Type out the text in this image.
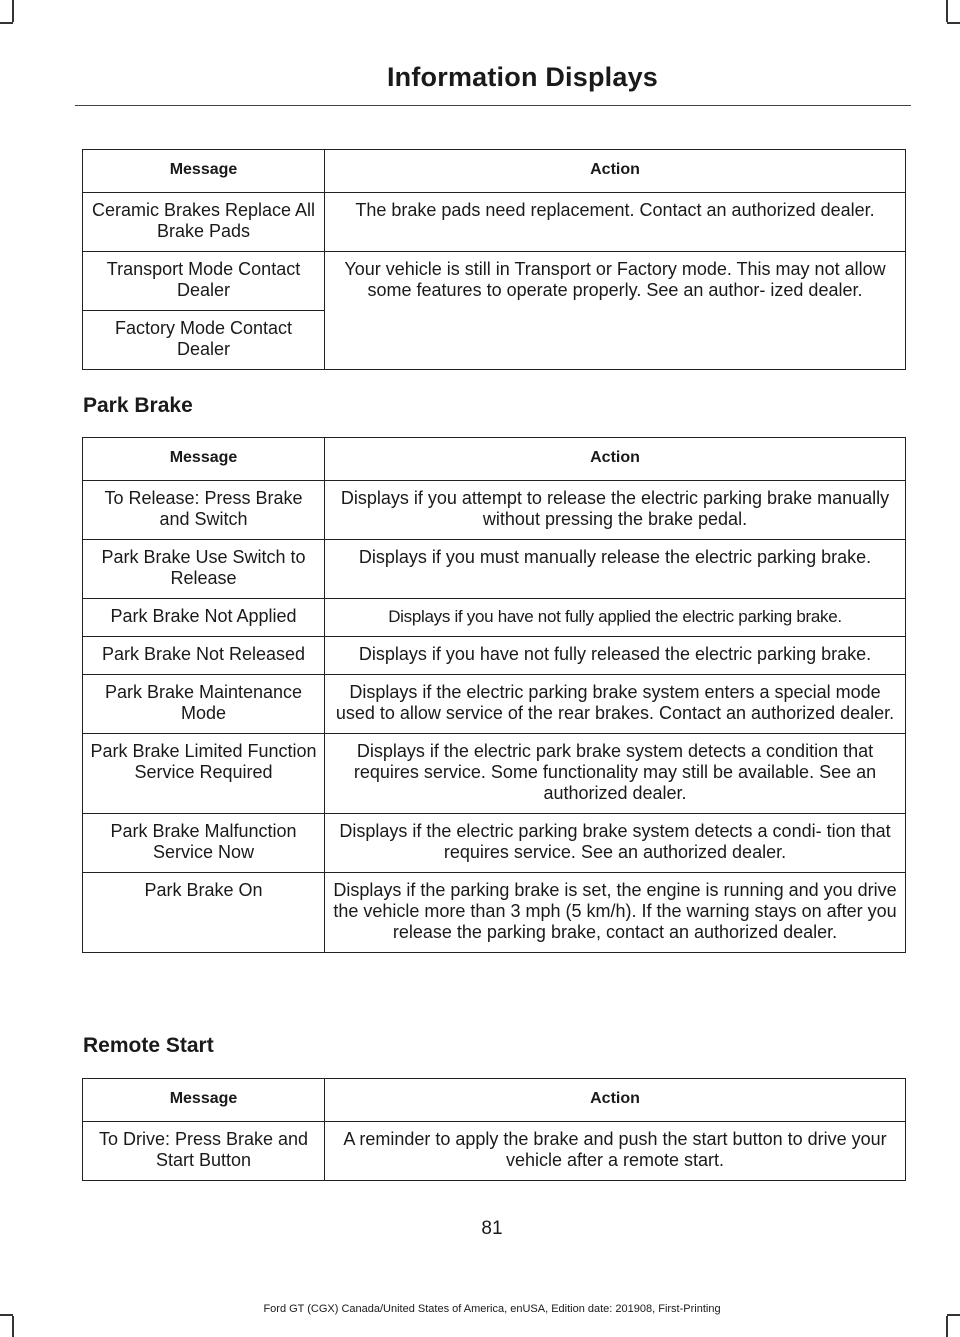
Information Displays
Message	Action
Ceramic Brakes Replace All Brake Pads	The brake pads need replacement. Contact an authorized dealer.
Transport Mode Contact Dealer	Your vehicle is still in Transport or Factory mode. This may not allow some features to operate properly. See an author- ized dealer.
Factory Mode Contact Dealer	
Park Brake
Message	Action
To Release: Press Brake and Switch	Displays if you attempt to release the electric parking brake manually without pressing the brake pedal.
Park Brake Use Switch to Release	Displays if you must manually release the electric parking brake.
Park Brake Not Applied	Displays if you have not fully applied the electric parking brake.
Park Brake Not Released	Displays if you have not fully released the electric parking brake.
Park Brake Maintenance Mode	Displays if the electric parking brake system enters a special mode used to allow service of the rear brakes. Contact an authorized dealer.
Park Brake Limited Function Service Required	Displays if the electric park brake system detects a condition that requires service. Some functionality may still be available. See an authorized dealer.
Park Brake Malfunction Service Now	Displays if the electric parking brake system detects a condi- tion that requires service. See an authorized dealer.
Park Brake On	Displays if the parking brake is set, the engine is running and you drive the vehicle more than 3 mph (5 km/h). If the warning stays on after you release the parking brake, contact an authorized dealer.
Remote Start
Message	Action
To Drive: Press Brake and Start Button	A reminder to apply the brake and push the start button to drive your vehicle after a remote start.
81
Ford GT (CGX) Canada/United States of America, enUSA, Edition date: 201908, First-Printing
